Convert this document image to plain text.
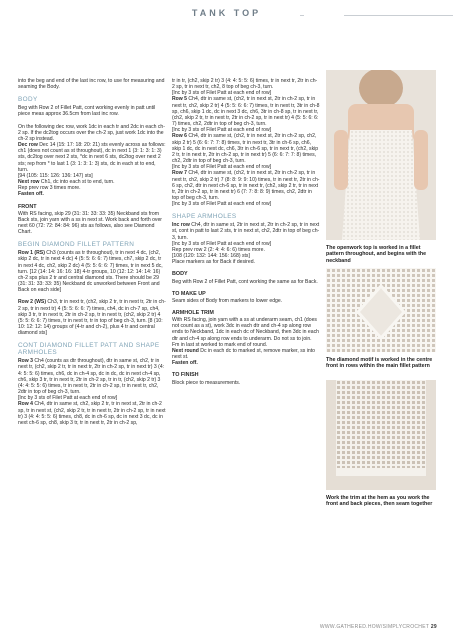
TANK TOP

into the beg and end of the last inc row, to use for measuring and seaming the Body.

BODY

Beg with Row 2 of Fillet Patt, cont working evenly in patt until piece meas approx 36.5cm from last inc row.

On the following dec row, work 1dc in each tr and 2dc in each ch-2 sp. If the dc2tog occurs over the ch-2 sp, just work 1dc into the ch-2 sp instead.
Dec row Dec 14 (15: 17: 18: 20: 21) sts evenly across as follows: ch1 (does not count as st throughout), dc in next 1 (3: 1: 3: 1: 3) sts, dc2tog over next 2 sts, *dc in next 6 sts, dc2tog over next 2 sts; rep from * to last 1 (3: 1: 3: 1: 3) sts, dc in each st to end, turn.
[94 (105: 115: 126: 136: 147) sts]
Next row Ch1, dc into each st to end, turn.
Rep prev row 3 times more.
Fasten off.

FRONT

With RS facing, skip 29 (31: 31: 33: 33: 35) Neckband sts from Back sts, join yarn with a ss in next st. Work back and forth over next 60 (72: 72: 84: 84: 96) sts as follows, also see Diamond Chart.

BEGIN DIAMOND FILLET PATTERN

Row 1 (RS) Ch3 (counts as tr throughout), tr in next 4 dc, (ch2, skip 2 dc, tr in next 4 dc) 4 (5: 5: 6: 6: 7) times, ch7, skip 2 dc, tr in next 4 dc, ch2, skip 2 dc) 4 (5: 5: 6: 6: 7) times, tr in next 5 dc, turn. [12 (14: 14: 16: 16: 18) 4-tr groups, 10 (12: 12: 14: 14: 16) ch-2 sps plus 2 tr and central diamond sts. There should be 29 (31: 31: 33: 33: 35) Neckband dc unworked between Front and Back on each side]

Row 2 (WS) Ch3, tr in next tr, (ch2, skip 2 tr, tr in next tr, 2tr in ch-2 sp, tr in next tr) 4 (5: 5: 6: 6: 7) times, ch4, dc in ch-7 sp, ch4, skip 3 tr, tr in next tr, 2tr in ch-2 sp, tr in next tr, (ch2, skip 2 tr) 4 (5: 5: 6: 6: 7) times, tr in next tr, tr in top of beg ch-3, turn. [8 (10: 10: 12: 12: 14) groups of (4-tr and ch-2), plus 4 tr and central diamond sts]

CONT DIAMOND FILLET PATT AND SHAPE ARMHOLES

Row 3 Ch4 (counts as dtr throughout), dtr in same st, ch2, tr in next tr, (ch2, skip 2 tr, tr in next tr, 2tr in ch-2 sp, tr in next tr) 3 (4: 4: 5: 5: 6) times, ch6, dc in ch-4 sp, dc in dc, dc in next ch-4 sp, ch6, skip 3 tr, tr in next tr, 2tr in ch-2 sp, tr in tr, (ch2, skip 2 tr) 3 (4: 4: 5: 5: 6) times, tr in next tr, 2tr in ch-2 sp, tr in next tr, ch2, 2dtr in top of beg ch-3, turn.
[Inc by 3 sts of Filet Patt at each end of row]
Row 4 Ch4, dtr in same st, ch2, skip 2 tr, tr in next st, 2tr in ch-2 sp, tr in next st, (ch2, skip 2 tr, tr in next tr, 2tr in ch-2 sp, tr in next tr) 3 (4: 4: 5: 5: 6) times, ch8, dc in ch-6 sp, dc in next 3 dc, dc in next ch-6 sp, ch8, skip 3 tr, tr in next tr, 2tr in ch-2 sp,

tr in tr, (ch2, skip 2 tr) 3 (4: 4: 5: 5: 6) times, tr in next tr, 2tr in ch-2 sp, tr in next tr, ch2, 8 top of beg ch-3, turn.
[Inc by 3 sts of Filet Patt at each end of row]
Row 5 Ch4, dtr in same st, (ch2, tr in next st, 2tr in ch-2 sp, tr in next tr, ch2, skip 2 tr) 4 (5: 5: 6: 6: 7) times, tr in next tr, 3tr in ch-8 sp, ch6, skip 1 dc, dc in next 3 dc, ch6, 3tr in ch-8 sp, tr in next tr, (ch2, skip 2 tr, tr in next tr, 2tr in ch-2 sp, tr in next tr) 4 (5: 5: 6: 6: 7) times, ch2, 2dtr in top of beg ch-3, turn.
[Inc by 3 sts of Filet Patt at each end of row]
Row 6 Ch4, dtr in same st, (ch2, tr in next st, 2tr in ch-2 sp, ch2, skip 2 tr) 5 (6: 6: 7: 7: 8) times, tr in next tr, 3tr in ch-6 sp, ch6, skip 1 dc, dc in next dc, ch6, 3tr in ch-6 sp, tr in next tr, (ch2, skip 2 tr, tr in next tr, 2tr in ch-2 sp, tr in next tr) 5 (6: 6: 7: 7: 8) times, ch2, 2dtr in top of beg ch-3, turn.
[Inc by 3 sts of Filet Patt at each end of row]
Row 7 Ch4, dtr in same st, (ch2, tr in next st, 2tr in ch-2 sp, tr in next tr, ch2, skip 2 tr) 7 (8: 8: 9: 9: 10) times, tr in next tr, 2tr in ch-6 sp, ch2, dtr in next ch-6 sp, tr in next tr, (ch2, skip 2 tr, tr in next tr, 2tr in ch-2 sp, tr in next tr) 6 (7: 7: 8: 8: 9) times, ch2, 2dtr in top of beg ch-3, turn.
[Inc by 3 sts of Filet Patt at each end of row]

SHAPE ARMHOLES

Inc row Ch4, dtr in same st, 2tr in next st, 2tr in ch-2 sp, tr in next st, cont in patt to last 2 sts, tr in next st, ch2, 2dtr in top of beg ch-3, turn.
[Inc by 3 sts of Filet Patt at each end of row]
Rep prev row 2 (2: 4: 4: 6: 6) times more.
[108 (120: 132: 144: 156: 168) sts]
Place markers as for Back if desired.

BODY

Beg with Row 2 of Fillet Patt, cont working the same as for Back.

TO MAKE UP

Seam sides of Body from markers to lower edge.

ARMHOLE TRIM

With RS facing, join yarn with a ss at underarm seam, ch1 (does not count as a st), work 3dc in each dtr and ch-4 sp along row ends to Neckband, 1dc in each dc of Neckband, then 3dc in each dtr and ch-4 sp along row ends to underarm. Do not ss to join. Fm in last st worked to mark end of round.
Next round Dc in each dc to marked st, remove marker, ss into next st.
Fasten off.

TO FINISH

Block piece to measurements.

The openwork top is worked in a fillet pattern throughout, and begins with the neckband
The diamond motif is worked in the centre front in rows within the main fillet pattern
Work the trim at the hem as you work the front and back pieces, then seam together
WWW.GATHERED.HOW/SIMPLYCROCHET 29
